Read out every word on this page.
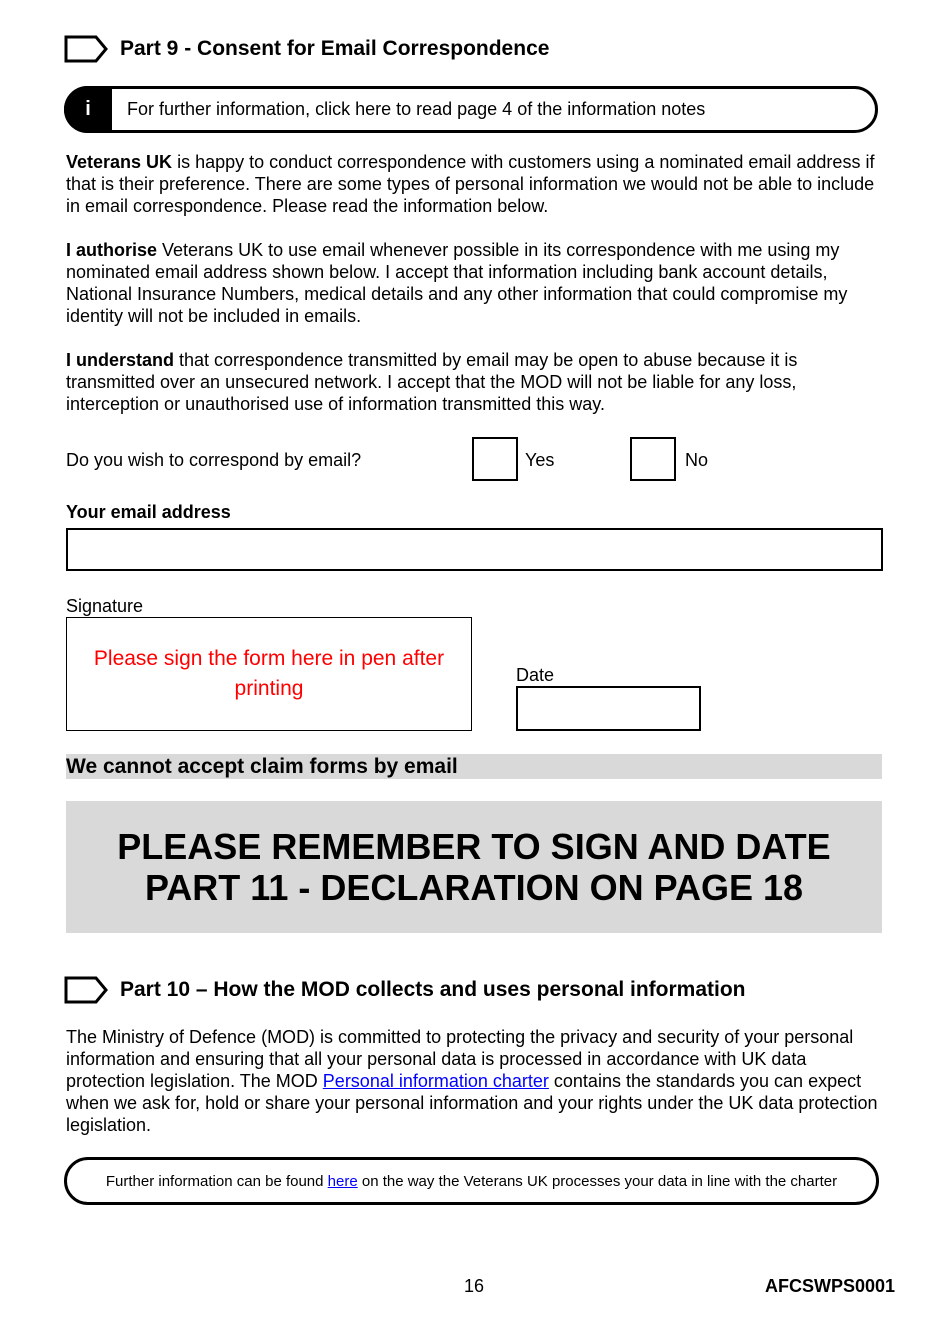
Part 9 - Consent for Email Correspondence
i	For further information, click here to read page 4 of the information notes

Veterans UK is happy to conduct correspondence with customers using a nominated email address if that is their preference. There are some types of personal information we would not be able to include in email correspondence. Please read the information below.

I authorise Veterans UK to use email whenever possible in its correspondence with me using my nominated email address shown below. I accept that information including bank account details, National Insurance Numbers, medical details and any other information that could compromise my identity will not be included in emails.

I understand that correspondence transmitted by email may be open to abuse because it is transmitted over an unsecured network. I accept that the MOD will not be liable for any loss, interception or unauthorised use of information transmitted this way.

Do you wish to correspond by email?	Yes	No
Your email address
Signature
Please sign the form here in pen after printing
Date
We cannot accept claim forms by email
PLEASE REMEMBER TO SIGN AND DATE
PART 11 - DECLARATION ON PAGE 18
Part 10 – How the MOD collects and uses personal information

The Ministry of Defence (MOD) is committed to protecting the privacy and security of your personal information and ensuring that all your personal data is processed in accordance with UK data protection legislation. The MOD Personal information charter contains the standards you can expect when we ask for, hold or share your personal information and your rights under the UK data protection legislation.

Further information can be found here on the way the Veterans UK processes your data in line with the charter
16	AFCSWPS0001
